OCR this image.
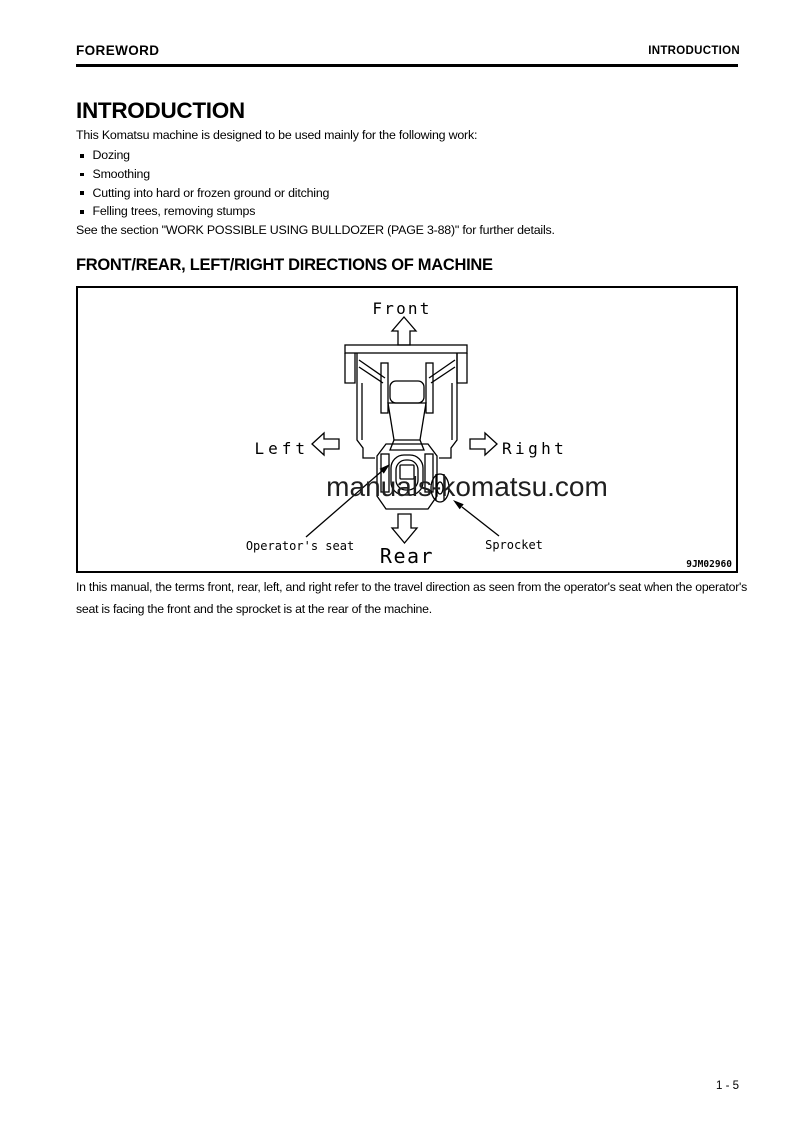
FOREWORD	INTRODUCTION
INTRODUCTION
This Komatsu machine is designed to be used mainly for the following work:
Dozing
Smoothing
Cutting into hard or frozen ground or ditching
Felling trees, removing stumps
See the section "WORK POSSIBLE USING BULLDOZER (PAGE 3-88)" for further details.
FRONT/REAR, LEFT/RIGHT DIRECTIONS OF MACHINE
Front
Left	Right
Rear
Operator's seat	Sprocket
manuals-komatsu.com
9JM02960

In this manual, the terms front, rear, left, and right refer to the travel direction as seen from the operator's seat when the operator's seat is facing the front and the sprocket is at the rear of the machine.

1 - 5
